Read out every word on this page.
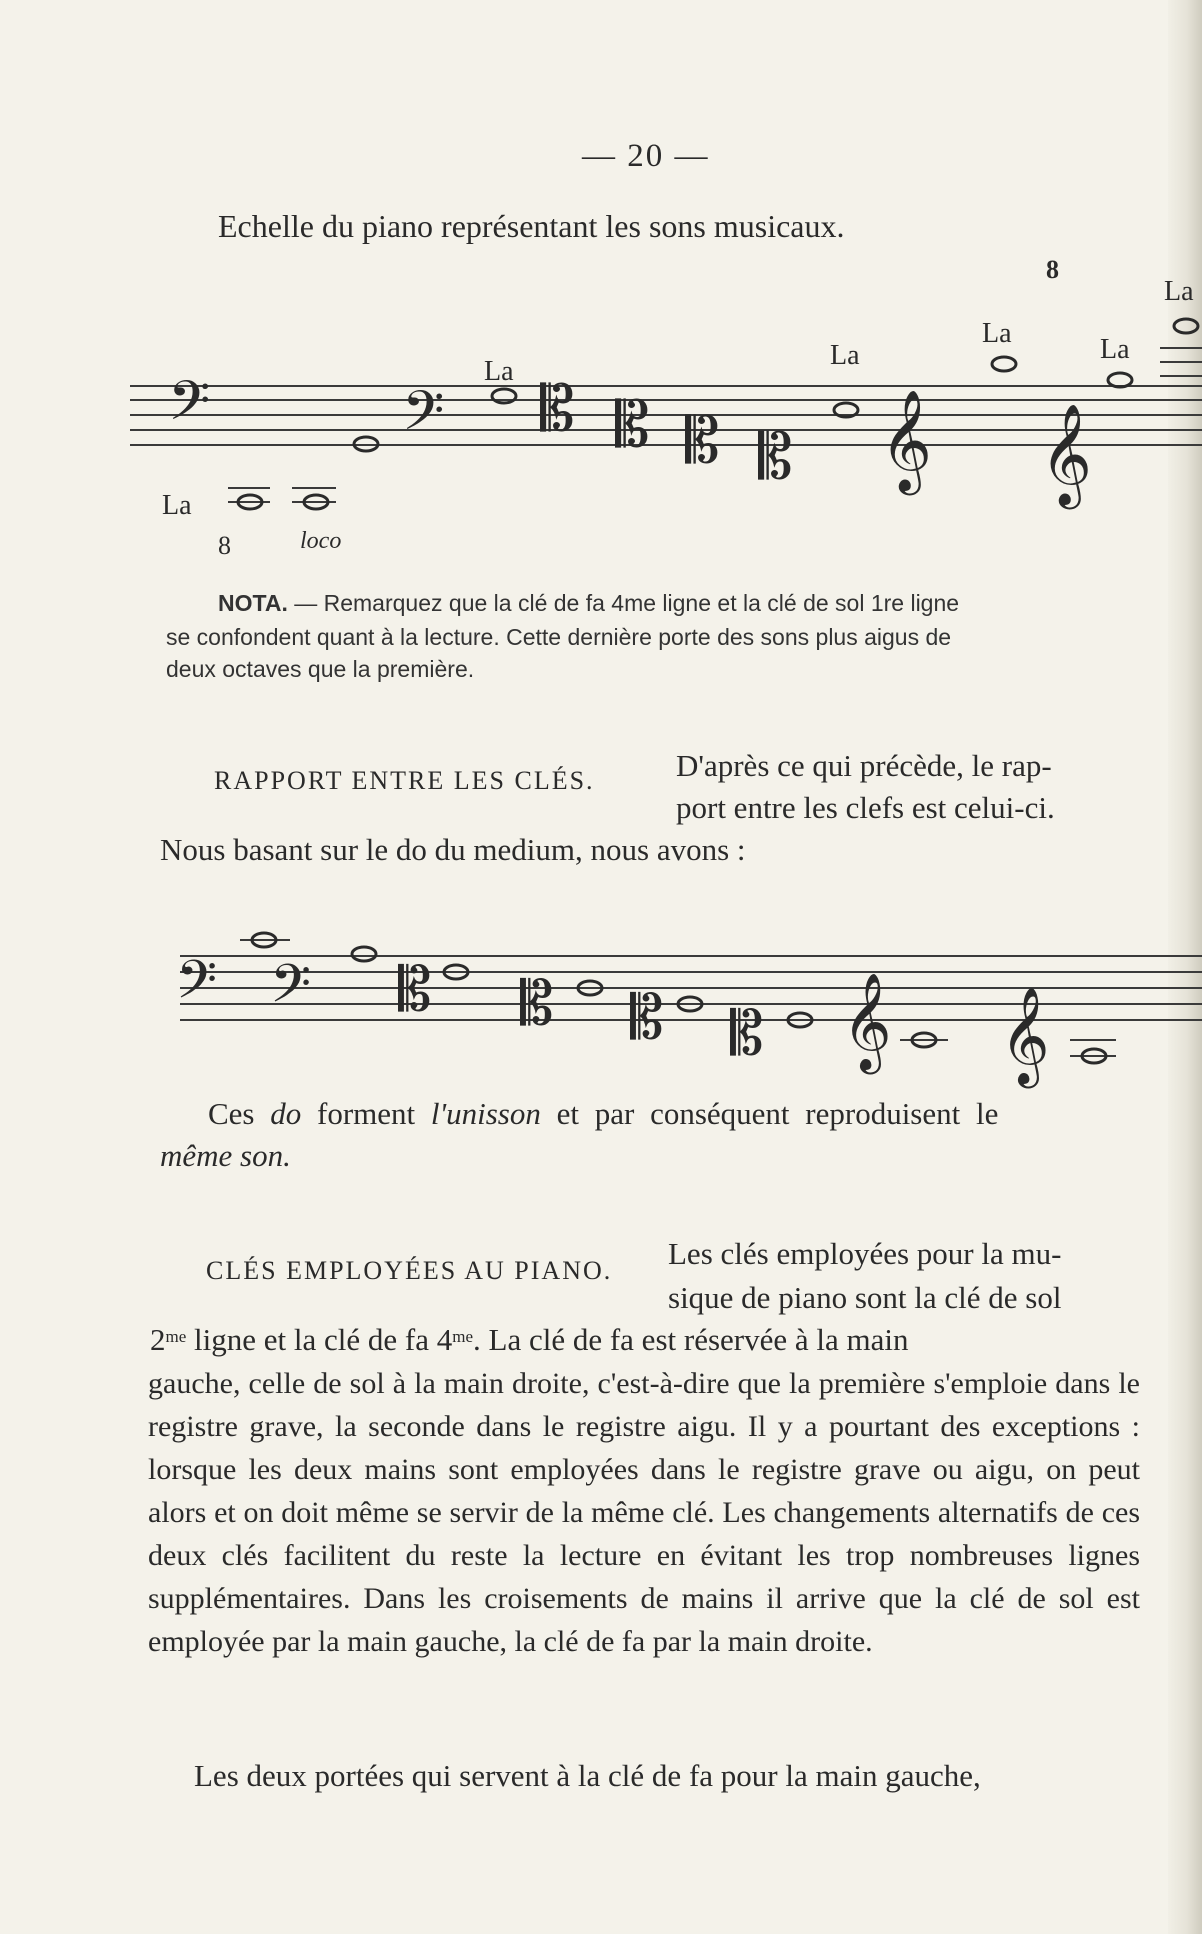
— 20 —
Echelle du piano représentant les sons musicaux.
𝄢	𝄢 𝄡 𝄡 𝄡 𝄡 𝄞 𝄞
La
La
La
La
La
La
8
8	loco
NOTA. — Remarquez que la clé de fa 4me ligne et la clé de sol 1re ligne
se confondent quant à la lecture. Cette dernière porte des sons plus aigus de
deux octaves que la première.
RAPPORT ENTRE LES CLÉS.	D'après ce qui précède, le rap-
port entre les clefs est celui-ci.
Nous basant sur le do du medium, nous avons :
𝄢 𝄢 𝄡 𝄡 𝄡 𝄡 𝄞 𝄞
Ces do forment l'unisson et par conséquent reproduisent le
même son.
CLÉS EMPLOYÉES AU PIANO. Les clés employées pour la mu-
sique de piano sont la clé de sol
$2^{me}$ ligne et la clé de fa $4^{me}$. La clé de fa est réservée à la main

gauche, celle de sol à la main droite, c'est-à-dire que la première s'emploie dans le registre grave, la seconde dans le registre aigu. Il y a pourtant des exceptions : lorsque les deux mains sont employées dans le registre grave ou aigu, on peut alors et on doit même se servir de la même clé. Les changements alternatifs de ces deux clés facilitent du reste la lecture en évitant les trop nombreuses lignes supplémentaires. Dans les croisements de mains il arrive que la clé de sol est employée par la main gauche, la clé de fa par la main droite.

Les deux portées qui servent à la clé de fa pour la main gauche,
